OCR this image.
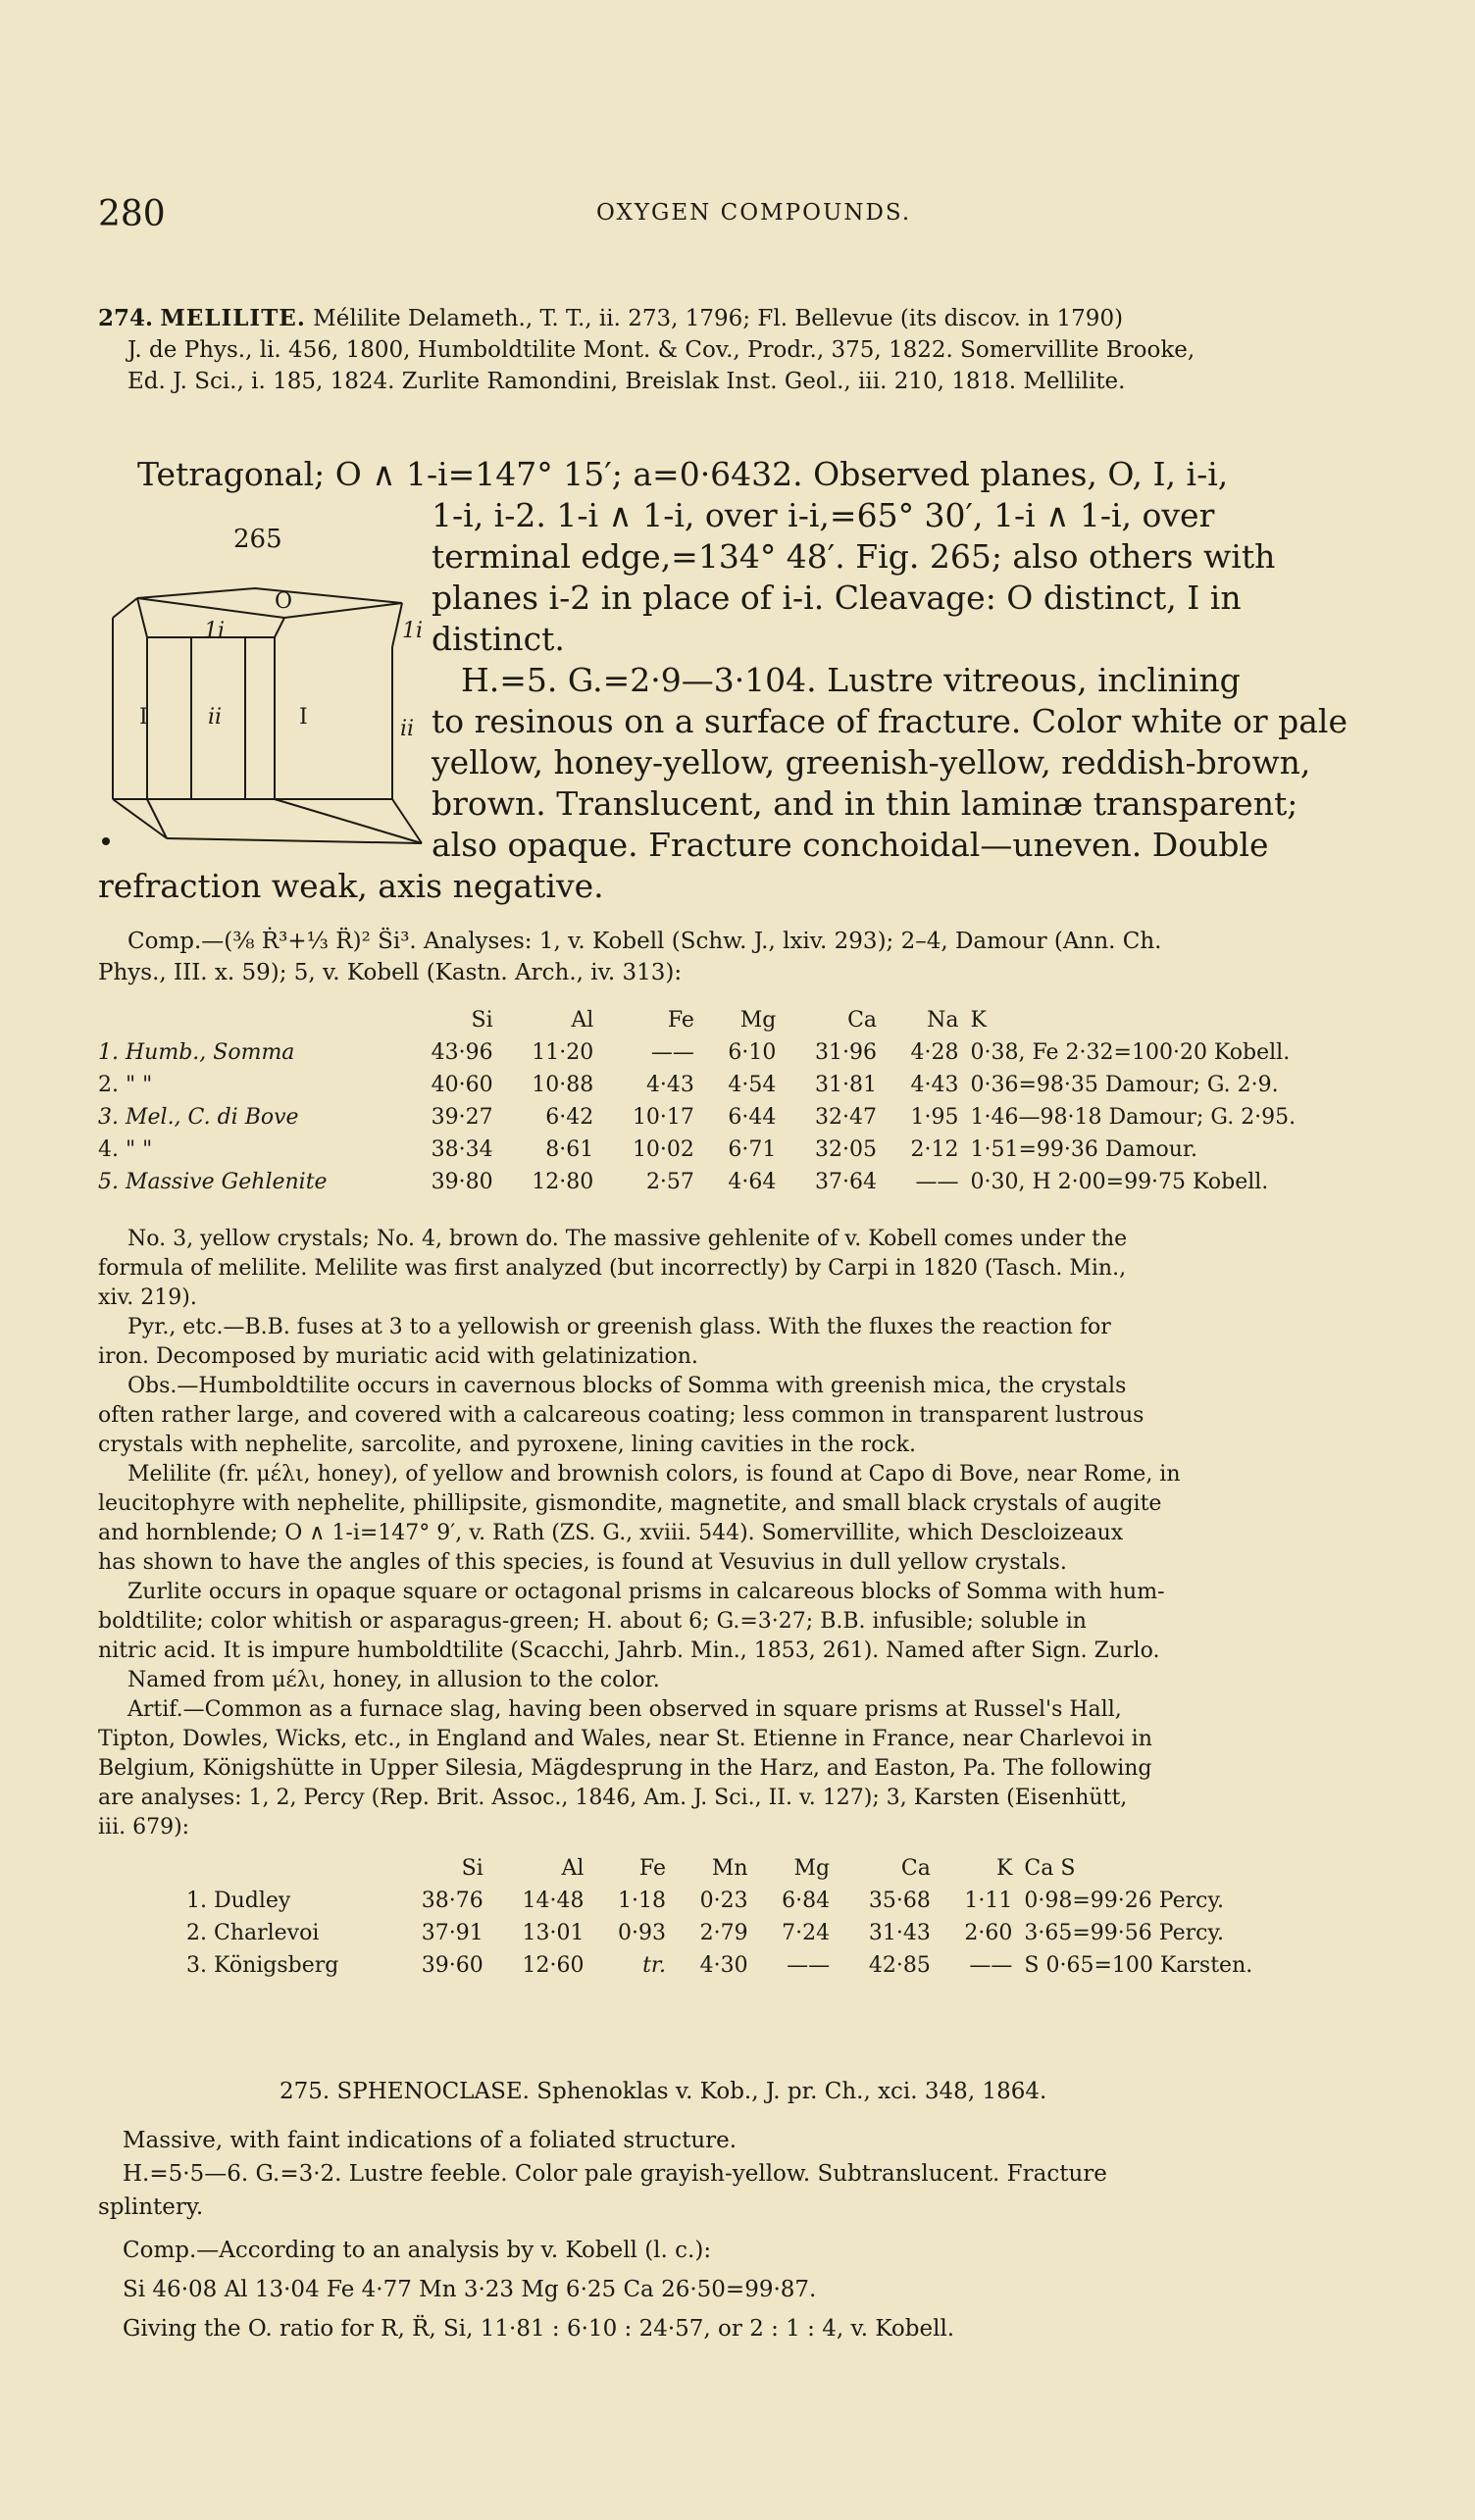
280	OXYGEN COMPOUNDS.
274. MELILITE. Mélilite Delameth., T. T., ii. 273, 1796; Fl. Bellevue (its discov. in 1790)
J. de Phys., li. 456, 1800, Humboldtilite Mont. & Cov., Prodr., 375, 1822. Somervillite Brooke,
Ed. J. Sci., i. 185, 1824. Zurlite Ramondini, Breislak Inst. Geol., iii. 210, 1818. Mellilite.
Tetragonal; O ∧ 1-i=147° 15′; a=0·6432. Observed planes, O, I, i-i,
1-i, i-2. 1-i ∧ 1-i, over i-i,=65° 30′, 1-i ∧ 1-i, over
terminal edge,=134° 48′. Fig. 265; also others with
planes i-2 in place of i-i. Cleavage: O distinct, I in
distinct.
H.=5. G.=2·9—3·104. Lustre vitreous, inclining
to resinous on a surface of fracture. Color white or pale
yellow, honey-yellow, greenish-yellow, reddish-brown,
brown. Translucent, and in thin laminæ transparent;
also opaque. Fracture conchoidal—uneven. Double
refraction weak, axis negative.
265
O
1i	1i
I	ii	I	ii
Comp.—(⅜ Ṙ³+⅓ R̈)² S̈i³. Analyses: 1, v. Kobell (Schw. J., lxiv. 293); 2–4, Damour (Ann. Ch.
Phys., III. x. 59); 5, v. Kobell (Kastn. Arch., iv. 313):
	Si	Al	Fe	Mg	Ca	Na	K
1. Humb., Somma	43·96	11·20	——	6·10	31·96	4·28	0·38, Fe 2·32=100·20 Kobell.
2. " "	40·60	10·88	4·43	4·54	31·81	4·43	0·36=98·35 Damour; G. 2·9.
3. Mel., C. di Bove	39·27	6·42	10·17	6·44	32·47	1·95	1·46—98·18 Damour; G. 2·95.
4. " "	38·34	8·61	10·02	6·71	32·05	2·12	1·51=99·36 Damour.
5. Massive Gehlenite	39·80	12·80	2·57	4·64	37·64	——	0·30, H 2·00=99·75 Kobell.
No. 3, yellow crystals; No. 4, brown do. The massive gehlenite of v. Kobell comes under the
formula of melilite. Melilite was first analyzed (but incorrectly) by Carpi in 1820 (Tasch. Min.,
xiv. 219).
Pyr., etc.—B.B. fuses at 3 to a yellowish or greenish glass. With the fluxes the reaction for
iron. Decomposed by muriatic acid with gelatinization.
Obs.—Humboldtilite occurs in cavernous blocks of Somma with greenish mica, the crystals
often rather large, and covered with a calcareous coating; less common in transparent lustrous
crystals with nephelite, sarcolite, and pyroxene, lining cavities in the rock.
Melilite (fr. μέλι, honey), of yellow and brownish colors, is found at Capo di Bove, near Rome, in
leucitophyre with nephelite, phillipsite, gismondite, magnetite, and small black crystals of augite
and hornblende; O ∧ 1-i=147° 9′, v. Rath (ZS. G., xviii. 544). Somervillite, which Descloizeaux
has shown to have the angles of this species, is found at Vesuvius in dull yellow crystals.
Zurlite occurs in opaque square or octagonal prisms in calcareous blocks of Somma with hum-
boldtilite; color whitish or asparagus-green; H. about 6; G.=3·27; B.B. infusible; soluble in
nitric acid. It is impure humboldtilite (Scacchi, Jahrb. Min., 1853, 261). Named after Sign. Zurlo.
Named from μέλι, honey, in allusion to the color.
Artif.—Common as a furnace slag, having been observed in square prisms at Russel's Hall,
Tipton, Dowles, Wicks, etc., in England and Wales, near St. Etienne in France, near Charlevoi in
Belgium, Königshütte in Upper Silesia, Mägdesprung in the Harz, and Easton, Pa. The following
are analyses: 1, 2, Percy (Rep. Brit. Assoc., 1846, Am. J. Sci., II. v. 127); 3, Karsten (Eisenhütt,
iii. 679):
	Si	Al	Fe	Mn	Mg	Ca	K	Ca S
1. Dudley	38·76	14·48	1·18	0·23	6·84	35·68	1·11	0·98=99·26 Percy.
2. Charlevoi	37·91	13·01	0·93	2·79	7·24	31·43	2·60	3·65=99·56 Percy.
3. Königsberg	39·60	12·60	tr.	4·30	——	42·85	——	S 0·65=100 Karsten.
275. SPHENOCLASE. Sphenoklas v. Kob., J. pr. Ch., xci. 348, 1864.
Massive, with faint indications of a foliated structure.
H.=5·5—6. G.=3·2. Lustre feeble. Color pale grayish-yellow. Subtranslucent. Fracture
splintery.
Comp.—According to an analysis by v. Kobell (l. c.):
Si 46·08 Al 13·04 Fe 4·77 Mn 3·23 Mg 6·25 Ca 26·50=99·87.
Giving the O. ratio for R, R̈, Si, 11·81 : 6·10 : 24·57, or 2 : 1 : 4, v. Kobell.
